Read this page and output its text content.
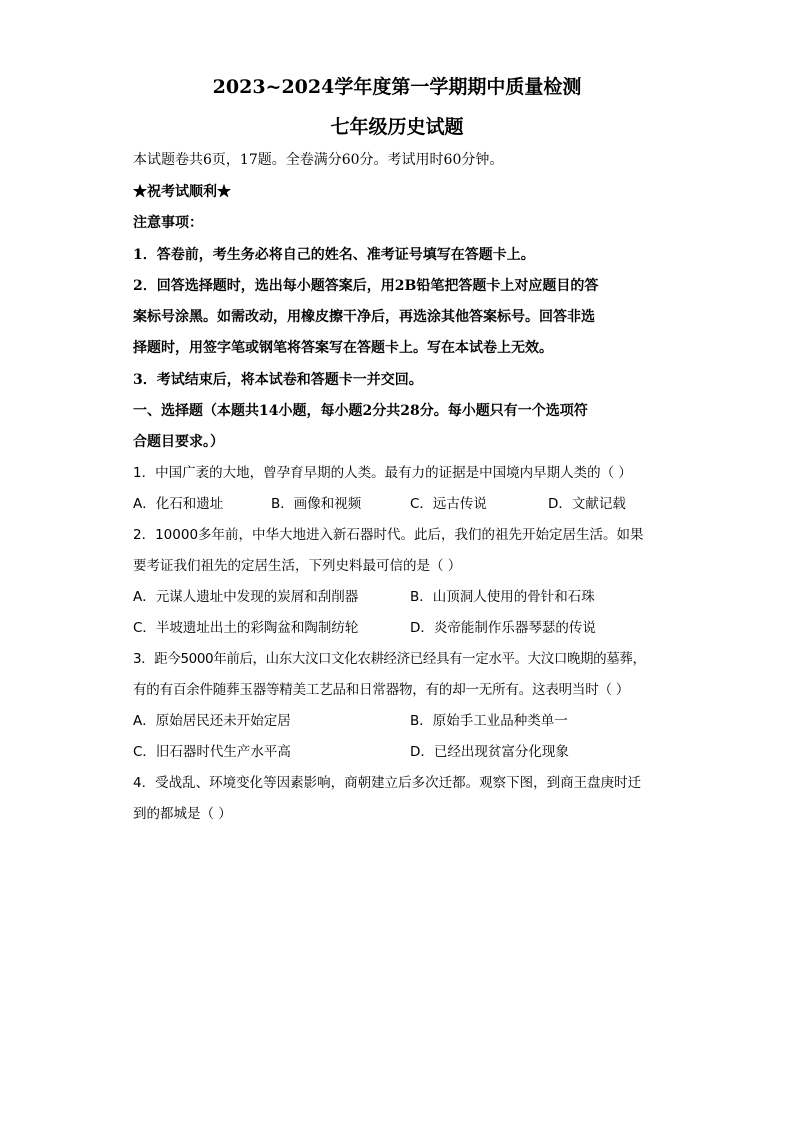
2023~2024学年度第一学期期中质量检测
七年级历史试题
本试题卷共6页，17题。全卷满分60分。考试用时60分钟。
★祝考试顺利★
注意事项：
1．答卷前，考生务必将自己的姓名、准考证号填写在答题卡上。
2．回答选择题时，选出每小题答案后，用2B铅笔把答题卡上对应题目的答
案标号涂黑。如需改动，用橡皮擦干净后，再选涂其他答案标号。回答非选
择题时，用签字笔或钢笔将答案写在答题卡上。写在本试卷上无效。
3．考试结束后，将本试卷和答题卡一并交回。
一、选择题（本题共14小题，每小题2分共28分。每小题只有一个选项符
合题目要求。）
1．中国广袤的大地，曾孕育早期的人类。最有力的证据是中国境内早期人类的（ ）
A．化石和遗址	B．画像和视频	C．远古传说	D．文献记载
2．10000多年前，中华大地进入新石器时代。此后，我们的祖先开始定居生活。如果
要考证我们祖先的定居生活，下列史料最可信的是（ ）
A．元谋人遗址中发现的炭屑和刮削器	B．山顶洞人使用的骨针和石珠
C．半坡遗址出土的彩陶盆和陶制纺轮	D．炎帝能制作乐器琴瑟的传说
3．距今5000年前后，山东大汶口文化农耕经济已经具有一定水平。大汶口晚期的墓葬，
有的有百余件随葬玉器等精美工艺品和日常器物，有的却一无所有。这表明当时（ ）
A．原始居民还未开始定居	B．原始手工业品种类单一
C．旧石器时代生产水平高	D．已经出现贫富分化现象
4．受战乱、环境变化等因素影响，商朝建立后多次迁都。观察下图，到商王盘庚时迁
到的都城是（ ）
